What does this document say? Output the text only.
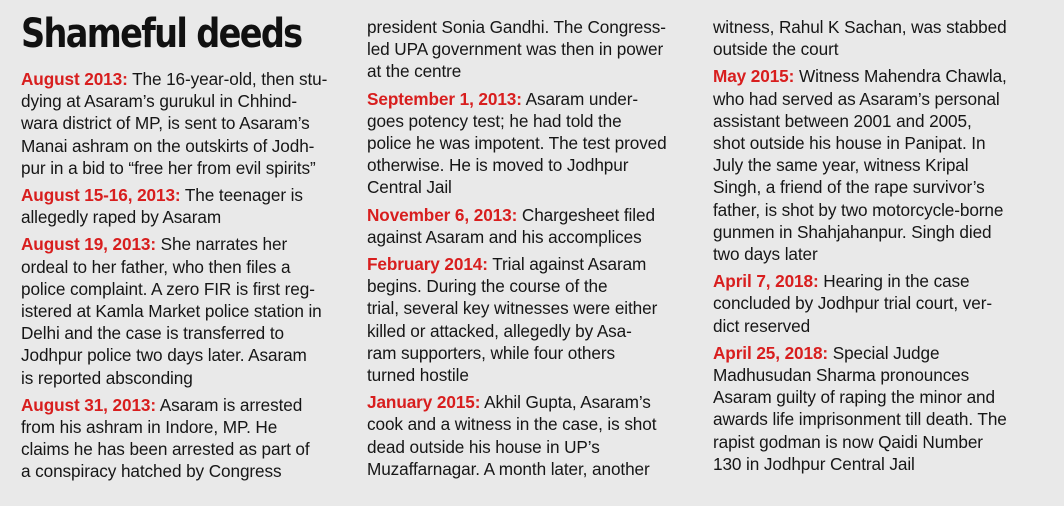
Shameful deeds
August 2013: The 16-year-old, then stu-
dying at Asaram’s gurukul in Chhind-
wara district of MP, is sent to Asaram’s
Manai ashram on the outskirts of Jodh-
pur in a bid to “free her from evil spirits”
August 15-16, 2013: The teenager is
allegedly raped by Asaram
August 19, 2013: She narrates her
ordeal to her father, who then files a
police complaint. A zero FIR is first reg-
istered at Kamla Market police station in
Delhi and the case is transferred to
Jodhpur police two days later. Asaram
is reported absconding
August 31, 2013: Asaram is arrested
from his ashram in Indore, MP. He
claims he has been arrested as part of
a conspiracy hatched by Congress
president Sonia Gandhi. The Congress-
led UPA government was then in power
at the centre
September 1, 2013: Asaram under-
goes potency test; he had told the
police he was impotent. The test proved
otherwise. He is moved to Jodhpur
Central Jail
November 6, 2013: Chargesheet filed
against Asaram and his accomplices
February 2014: Trial against Asaram
begins. During the course of the
trial, several key witnesses were either
killed or attacked, allegedly by Asa-
ram supporters, while four others
turned hostile
January 2015: Akhil Gupta, Asaram’s
cook and a witness in the case, is shot
dead outside his house in UP’s
Muzaffarnagar. A month later, another
witness, Rahul K Sachan, was stabbed
outside the court
May 2015: Witness Mahendra Chawla,
who had served as Asaram’s personal
assistant between 2001 and 2005,
shot outside his house in Panipat. In
July the same year, witness Kripal
Singh, a friend of the rape survivor’s
father, is shot by two motorcycle-borne
gunmen in Shahjahanpur. Singh died
two days later
April 7, 2018: Hearing in the case
concluded by Jodhpur trial court, ver-
dict reserved
April 25, 2018: Special Judge
Madhusudan Sharma pronounces
Asaram guilty of raping the minor and
awards life imprisonment till death. The
rapist godman is now Qaidi Number
130 in Jodhpur Central Jail
